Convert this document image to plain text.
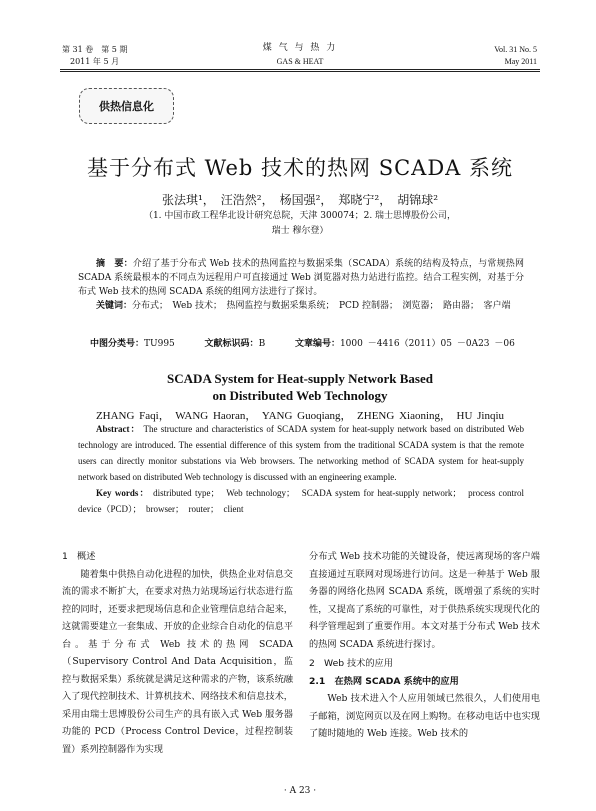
第 31 卷　第 5 期
2011 年 5 月
煤 气 与 热 力
GAS & HEAT
Vol. 31 No. 5
May 2011
供热信息化
基于分布式 Web 技术的热网 SCADA 系统
张法琪¹，　汪浩然²，　杨国强²，　郑晓宁²，　胡锦球²
（1. 中国市政工程华北设计研究总院，天津 300074；2. 瑞士思博股份公司，
瑞士 穆尔登）

摘　要：介绍了基于分布式 Web 技术的热网监控与数据采集（SCADA）系统的结构及特点，与常规热网 SCADA 系统最根本的不同点为远程用户可直接通过 Web 浏览器对热力站进行监控。结合工程实例，对基于分布式 Web 技术的热网 SCADA 系统的组网方法进行了探讨。

关键词：分布式；　Web 技术；　热网监控与数据采集系统；　PCD 控制器；　浏览器；　路由器；　客户端

中图分类号：TU995	文献标识码：B	文章编号：1000 －4416（2011）05 －0A23 －06
SCADA System for Heat-supply Network Based
on Distributed Web Technology
ZHANG Faqi，　WANG Haoran，　YANG Guoqiang，　ZHENG Xiaoning，　HU Jinqiu

Abstract： The structure and characteristics of SCADA system for heat-supply network based on distributed Web technology are introduced. The essential difference of this system from the traditional SCADA system is that the remote users can directly monitor substations via Web browsers. The networking method of SCADA system for heat-supply network based on distributed Web technology is discussed with an engineering example.

Key words： distributed type；　Web technology；　SCADA system for heat-supply network；　process control device（PCD）；　browser；　router；　client

1　概述

随着集中供热自动化进程的加快，供热企业对信息交流的需求不断扩大，在要求对热力站现场运行状态进行监控的同时，还要求把现场信息和企业管理信息结合起来，这就需要建立一套集成、开放的企业综合自动化的信息平台。基于分布式 Web 技术的热网 SCADA（Supervisory Control And Data Acquisition，监控与数据采集）系统就是满足这种需求的产物，该系统融入了现代控制技术、计算机技术、网络技术和信息技术，采用由瑞士思博股份公司生产的具有嵌入式 Web 服务器功能的 PCD（Process Control Device，过程控制装置）系列控制器作为实现

分布式 Web 技术功能的关键设备，使远离现场的客户端直接通过互联网对现场进行访问。这是一种基于 Web 服务器的网络化热网 SCADA 系统，既增强了系统的实时性，又提高了系统的可靠性，对于供热系统实现现代化的科学管理起到了重要作用。本文对基于分布式 Web 技术的热网 SCADA 系统进行探讨。

2　Web 技术的应用

2.1　在热网 SCADA 系统中的应用

Web 技术进入个人应用领域已然很久，人们使用电子邮箱，浏览网页以及在网上购物。在移动电话中也实现了随时随地的 Web 连接。Web 技术的

· A 23 ·
